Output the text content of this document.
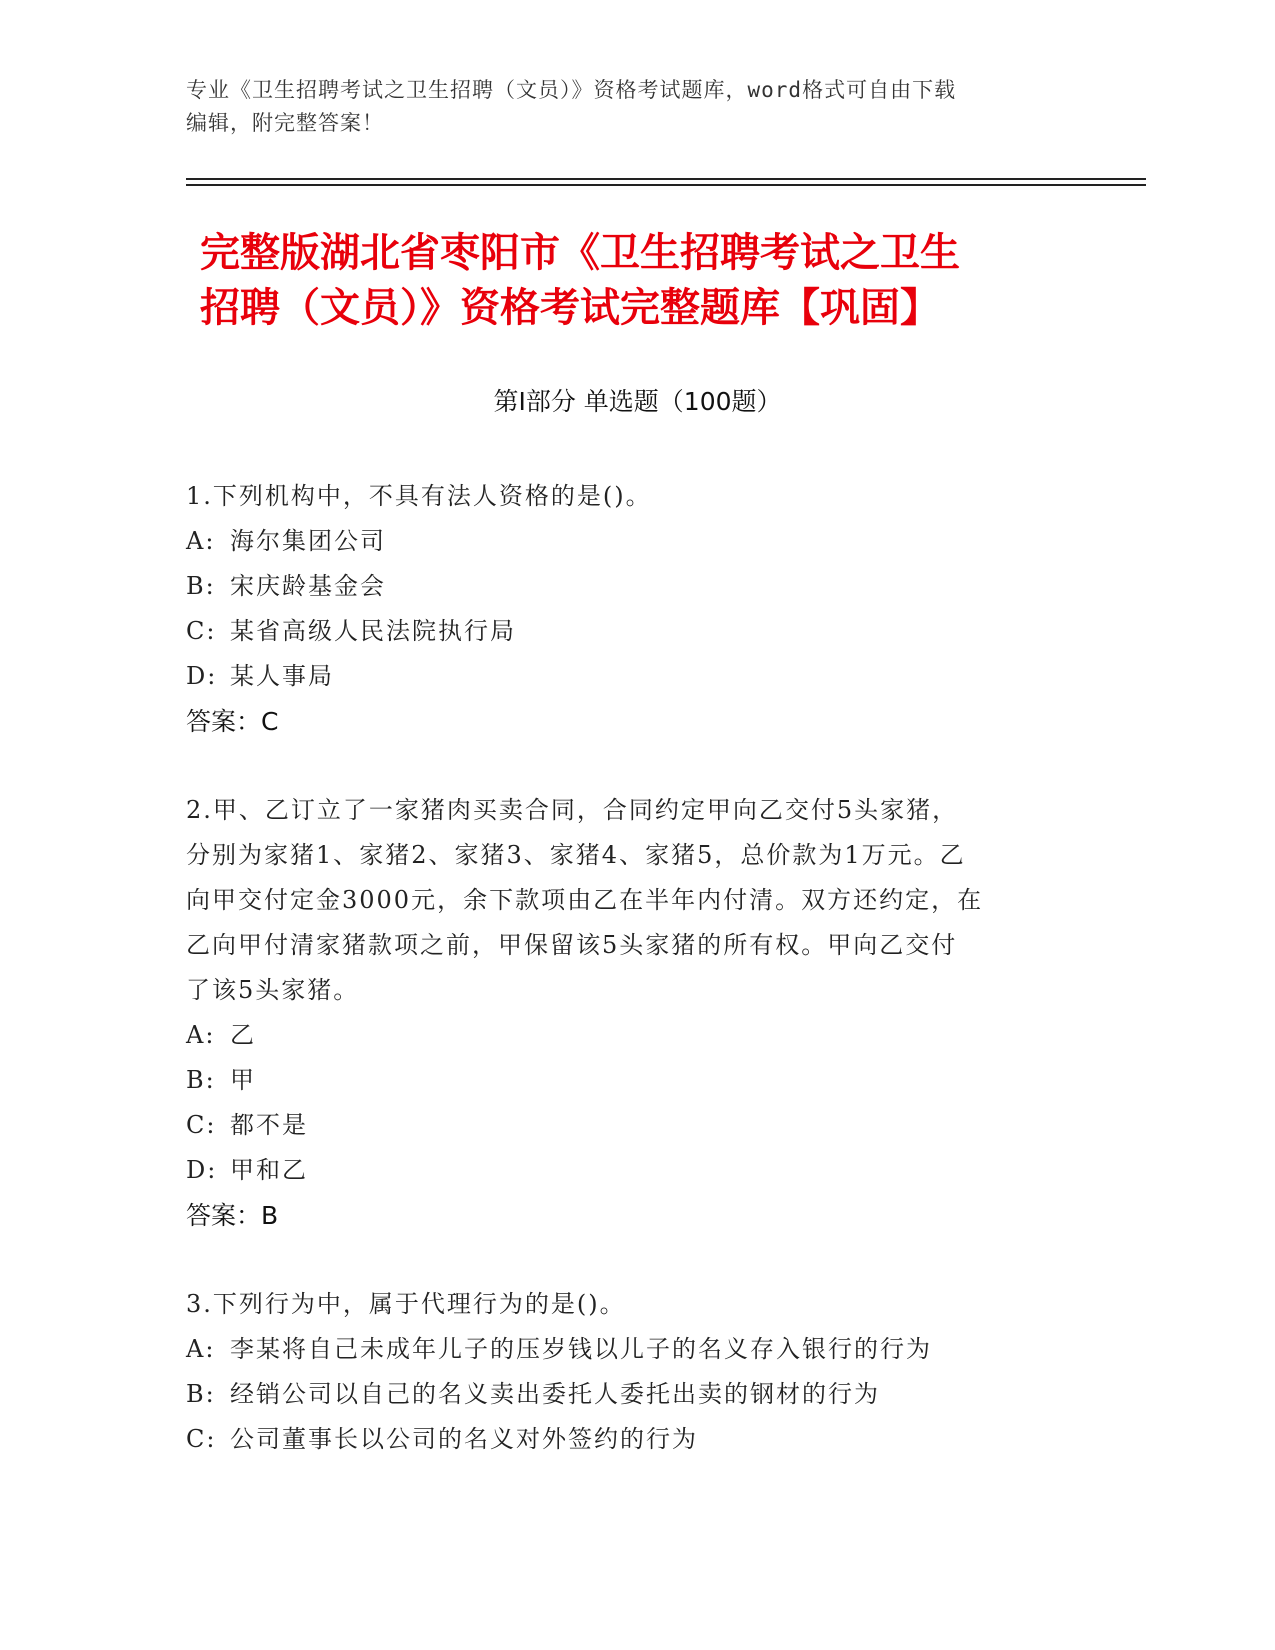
专业《卫生招聘考试之卫生招聘（文员）》资格考试题库，word格式可自由下载
编辑，附完整答案！
完整版湖北省枣阳市《卫生招聘考试之卫生
招聘（文员）》资格考试完整题库【巩固】
第Ⅰ部分 单选题（100题）

1.下列机构中，不具有法人资格的是()。

A: 海尔集团公司

B: 宋庆龄基金会

C: 某省高级人民法院执行局

D: 某人事局

答案：C

2.甲、乙订立了一家猪肉买卖合同，合同约定甲向乙交付5头家猪，

分别为家猪1、家猪2、家猪3、家猪4、家猪5，总价款为1万元。乙

向甲交付定金3000元，余下款项由乙在半年内付清。双方还约定，在

乙向甲付清家猪款项之前，甲保留该5头家猪的所有权。甲向乙交付

了该5头家猪。

A: 乙

B: 甲

C: 都不是

D: 甲和乙

答案：B

3.下列行为中，属于代理行为的是()。

A: 李某将自己未成年儿子的压岁钱以儿子的名义存入银行的行为

B: 经销公司以自己的名义卖出委托人委托出卖的钢材的行为

C: 公司董事长以公司的名义对外签约的行为
